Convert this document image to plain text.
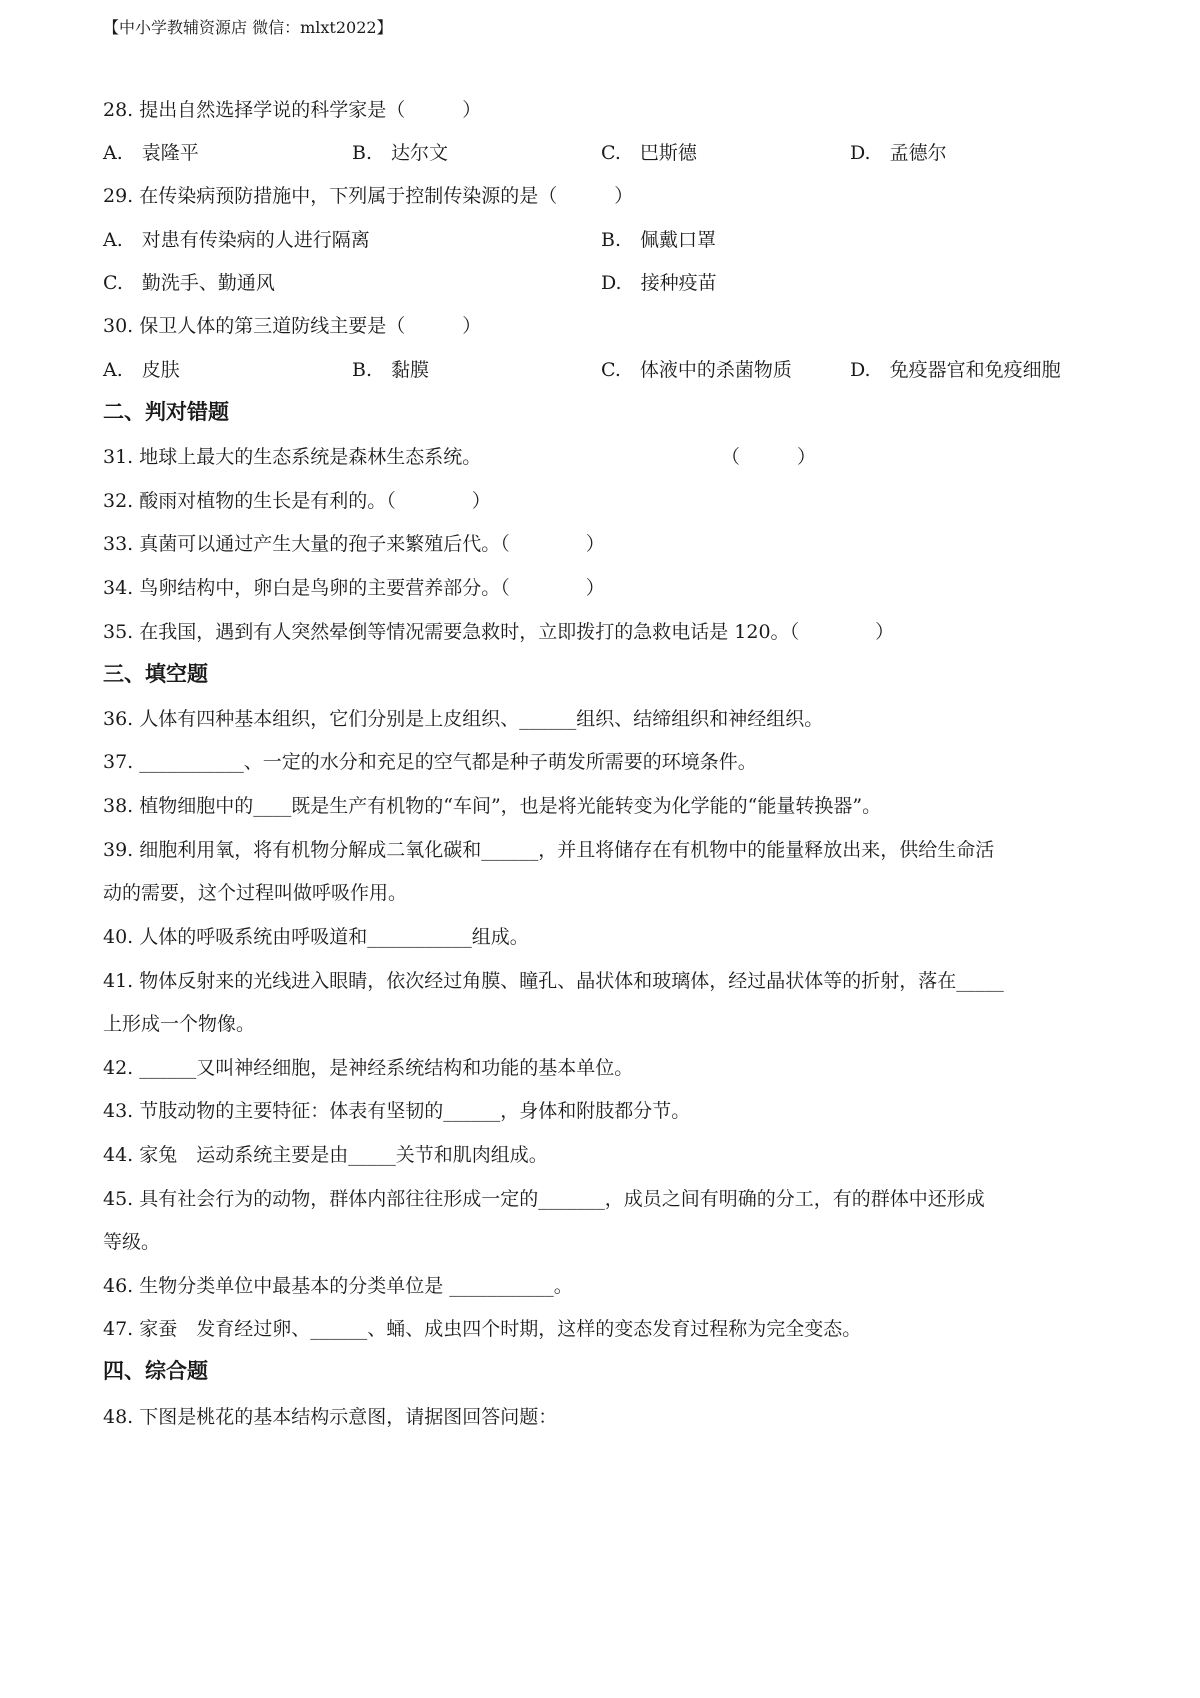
【中小学教辅资源店 微信：mlxt2022】
28. 提出自然选择学说的科学家是（　　　）
A.　袁隆平	B.　达尔文	C.　巴斯德	D.　孟德尔
29. 在传染病预防措施中，下列属于控制传染源的是（　　　）
A.　对患有传染病的人进行隔离	B.　佩戴口罩
C.　勤洗手、勤通风	D.　接种疫苗
30. 保卫人体的第三道防线主要是（　　　）
A.　皮肤	B.　黏膜	C.　体液中的杀菌物质	D.　免疫器官和免疫细胞
二、判对错题
31. 地球上最大的生态系统是森林生态系统。	（　　　）
32. 酸雨对植物的生长是有利的。（　　　　）
33. 真菌可以通过产生大量的孢子来繁殖后代。（　　　　）
34. 鸟卵结构中，卵白是鸟卵的主要营养部分。（　　　　）
35. 在我国，遇到有人突然晕倒等情况需要急救时，立即拨打的急救电话是 120。（　　　　）
三、填空题
36. 人体有四种基本组织，它们分别是上皮组织、______组织、结缔组织和神经组织。
37. ___________、一定的水分和充足的空气都是种子萌发所需要的环境条件。
38. 植物细胞中的____既是生产有机物的“车间”，也是将光能转变为化学能的“能量转换器”。
39. 细胞利用氧，将有机物分解成二氧化碳和______，并且将储存在有机物中的能量释放出来，供给生命活
动的需要，这个过程叫做呼吸作用。
40. 人体的呼吸系统由呼吸道和___________组成。
41. 物体反射来的光线进入眼睛，依次经过角膜、瞳孔、晶状体和玻璃体，经过晶状体等的折射，落在_____
上形成一个物像。
42. ______又叫神经细胞，是神经系统结构和功能的基本单位。
43. 节肢动物的主要特征：体表有坚韧的______，身体和附肢都分节。
44. 家兔　运动系统主要是由_____关节和肌肉组成。
45. 具有社会行为的动物，群体内部往往形成一定的_______，成员之间有明确的分工，有的群体中还形成
等级。
46. 生物分类单位中最基本的分类单位是 ___________。
47. 家蚕　发育经过卵、______、蛹、成虫四个时期，这样的变态发育过程称为完全变态。
四、综合题
48. 下图是桃花的基本结构示意图，请据图回答问题：
